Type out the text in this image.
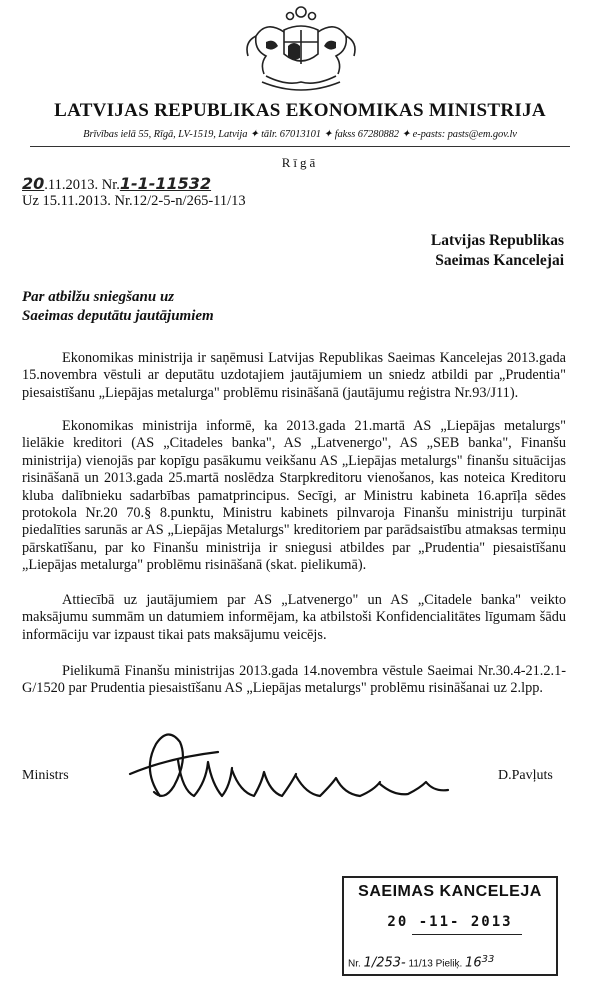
LATVIJAS REPUBLIKAS EKONOMIKAS MINISTRIJA
Brīvības ielā 55, Rīgā, LV-1519, Latvija ✦ tālr. 67013101 ✦ fakss 67280882 ✦ e-pasts: pasts@em.gov.lv
Rīgā
20.11.2013. Nr.1-1-11532
Uz 15.11.2013. Nr.12/2-5-n/265-11/13
Latvijas Republikas
Saeimas Kancelejai
Par atbilžu sniegšanu uz
Saeimas deputātu jautājumiem

Ekonomikas ministrija ir saņēmusi Latvijas Republikas Saeimas Kancelejas 2013.gada 15.novembra vēstuli ar deputātu uzdotajiem jautājumiem un sniedz atbildi par „Prudentia" piesaistīšanu „Liepājas metalurga" problēmu risināšanā (jautājumu reģistra Nr.93/J11).

Ekonomikas ministrija informē, ka 2013.gada 21.martā AS „Liepājas metalurgs" lielākie kreditori (AS „Citadeles banka", AS „Latvenergo", AS „SEB banka", Finanšu ministrija) vienojās par kopīgu pasākumu veikšanu AS „Liepājas metalurgs" finanšu situācijas risināšanā un 2013.gada 25.martā noslēdza Starpkreditoru vienošanos, kas noteica Kreditoru kluba dalībnieku sadarbības pamatprincipus. Secīgi, ar Ministru kabineta 16.aprīļa sēdes protokola Nr.20 70.§ 8.punktu, Ministru kabinets pilnvaroja Finanšu ministriju turpināt piedalīties sarunās ar AS „Liepājas Metalurgs" kreditoriem par parādsaistību atmaksas termiņu pārskatīšanu, par ko Finanšu ministrija ir sniegusi atbildes par „Prudentia" piesaistīšanu „Liepājas metalurga" problēmu risināšanā (skat. pielikumā).

Attiecībā uz jautājumiem par AS „Latvenergo" un AS „Citadele banka" veikto maksājumu summām un datumiem informējam, ka atbilstoši Konfidencialitātes līgumam šādu informāciju var izpaust tikai pats maksājumu veicējs.

Pielikumā Finanšu ministrijas 2013.gada 14.novembra vēstule Saeimai Nr.30.4-21.2.1-G/1520 par Prudentia piesaistīšanu AS „Liepājas metalurgs" problēmu risināšanai uz 2.lpp.

Ministrs	D.Pavļuts
SAEIMAS KANCELEJA
20 -11- 2013
Nr. 1/253- 11/13 Pieliķ. $16^{33}$
